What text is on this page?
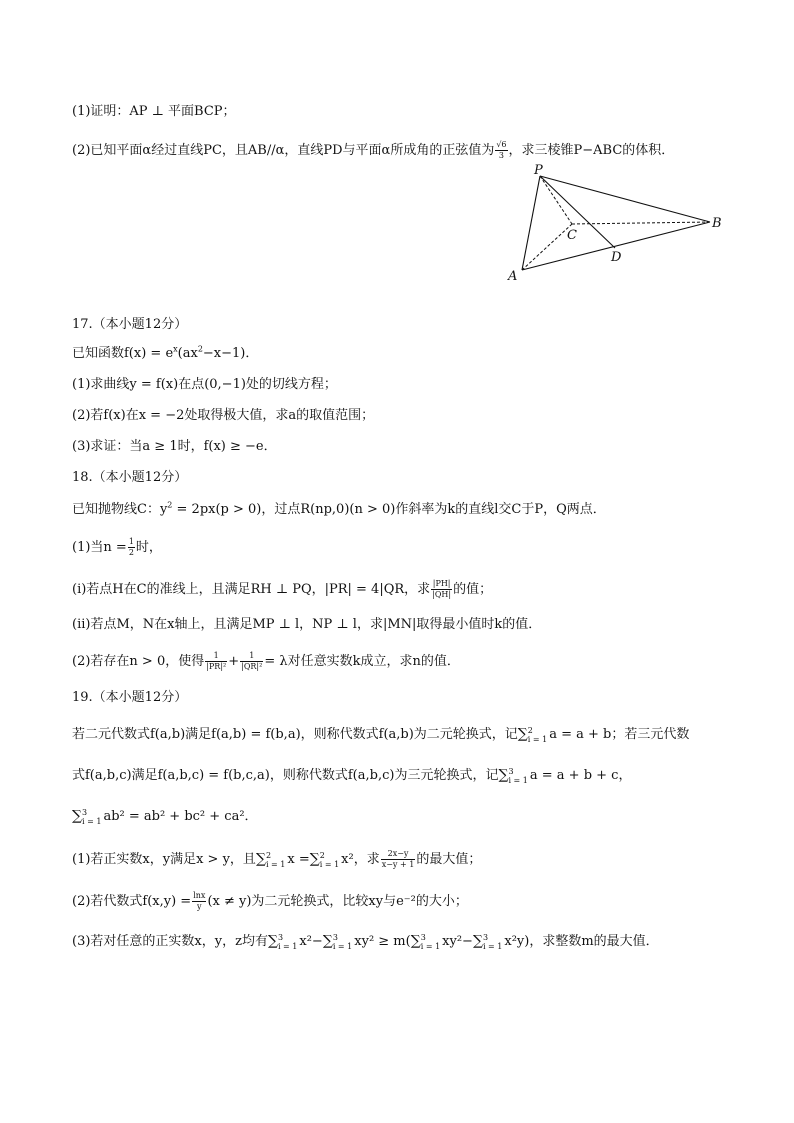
(1)证明：AP ⊥ 平面BCP；
(2)已知平面α经过直线PC，且AB//α，直线PD与平面α所成角的正弦值为 $\frac{√6}{3}$ ，求三棱锥P−ABC的体积．
P
A
B
C
D
17.（本小题12分）
已知函数$f(x) = e^x(ax^2-x-1)$．
(1)求曲线y = f(x)在点(0,−1)处的切线方程；
(2)若f(x)在x = −2处取得极大值，求a的取值范围；
(3)求证：当a ≥ 1时，f(x) ≥ −e．
18.（本小题12分）
已知抛物线C：$y^2 = 2px(p > 0)$，过点R(np,0)(n > 0)作斜率为k的直线l交C于P，Q两点．
(1)当$n = \frac{1}{2}$ 时，
(i)若点H在C的准线上，且满足RH ⊥ PQ，|PR| = 4|QR，求 $\frac{|PH|}{|QH|}$ 的值；
(ii)若点M，N在x轴上，且满足MP ⊥ l，NP ⊥ l，求|MN|取得最小值时k的值．
(2)若存在n > 0，使得 $\frac{1}{\text{|PR|²}} + \frac{1}{\text{|QR|²}} = \lambda$对任意实数k成立，求n的值．
19.（本小题12分）
若二元代数式f(a,b)满足f(a,b) = f(b,a)，则称代数式f(a,b)为二元轮换式，记∑ 2
i = 1 a = a + b；若三元代数
式f(a,b,c)满足f(a,b,c) = f(b,c,a)，则称代数式f(a,b,c)为三元轮换式，记∑ 3
i = 1 a = a + b + c，
∑ 3
i = 1 ab² = ab² + bc² + ca²．
(1)若正实数x，y满足x > y，且∑ 2
i = 1 x =∑ 2
i = 1 x²，求 $\frac{2x-y}{x-y + 1}$ 的最大值；
(2)若代数式$f(x,y) = \frac{\ln x}{y} (x \ne y)$为二元轮换式，比较xy与e⁻²的大小；
(3)若对任意的正实数x，y，z均有∑ 3
i = 1 x²−∑ 3
i = 1 xy² ≥ m(∑ 3
i = 1 xy²−∑ 3
i = 1 x²y)，求整数m的最大值．
